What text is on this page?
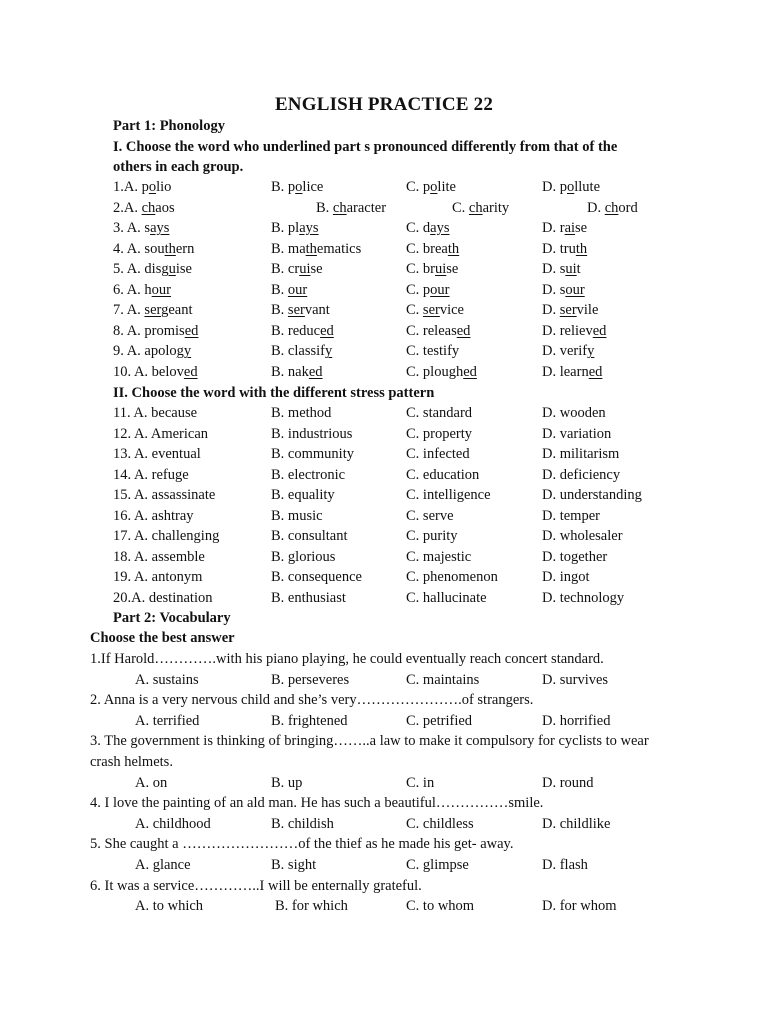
ENGLISH PRACTICE 22
Part 1: Phonology
I. Choose the word who underlined part s pronounced differently from that of the
others in each group.
1.A. polio	B. police	C. polite	D. pollute
2.A. chaos	B. character	C. charity	D. chord
3. A. says	B. plays	C. days	D. raise
4. A. southern	B. mathematics	C. breath	D. truth
5. A. disguise	B. cruise	C. bruise	D. suit
6. A. hour	B. our	C. pour	D. sour
7. A. sergeant	B. servant	C. service	D. servile
8. A. promised	B. reduced	C. released	D. relieved
9. A. apology	B. classify	C. testify	D. verify
10. A. beloved	B. naked	C. ploughed	D. learned
II. Choose the word with the different stress pattern
11. A. because	B. method	C. standard	D. wooden
12. A. American	B. industrious	C. property	D. variation
13. A. eventual	B. community	C. infected	D. militarism
14. A. refuge	B. electronic	C. education	D. deficiency
15. A. assassinate	B. equality	C. intelligence	D. understanding
16. A. ashtray	B. music	C. serve	D. temper
17. A. challenging	B. consultant	C. purity	D. wholesaler
18. A. assemble	B. glorious	C. majestic	D. together
19. A. antonym	B. consequence	C. phenomenon	D. ingot
20.A. destination	B. enthusiast	C. hallucinate	D. technology
Part 2: Vocabulary
Choose the best answer
1.If Harold………….with his piano playing, he could eventually reach concert standard.
A. sustains	B. perseveres	C. maintains	D. survives
2. Anna is a very nervous child and she’s very………………….of strangers.
A. terrified	B. frightened	C. petrified	D. horrified
3. The government is thinking of bringing……..a law to make it compulsory for cyclists to wear
crash helmets.
A. on	B. up	C. in	D. round
4. I love the painting of an ald man. He has such a beautiful……………smile.
A. childhood	B. childish	C. childless	D. childlike
5. She caught a ……………………of the thief as he made his get- away.
A. glance	B. sight	C. glimpse	D. flash
6. It was a service…………..I will be enternally grateful.
A. to which	B. for which	C. to whom	D. for whom
